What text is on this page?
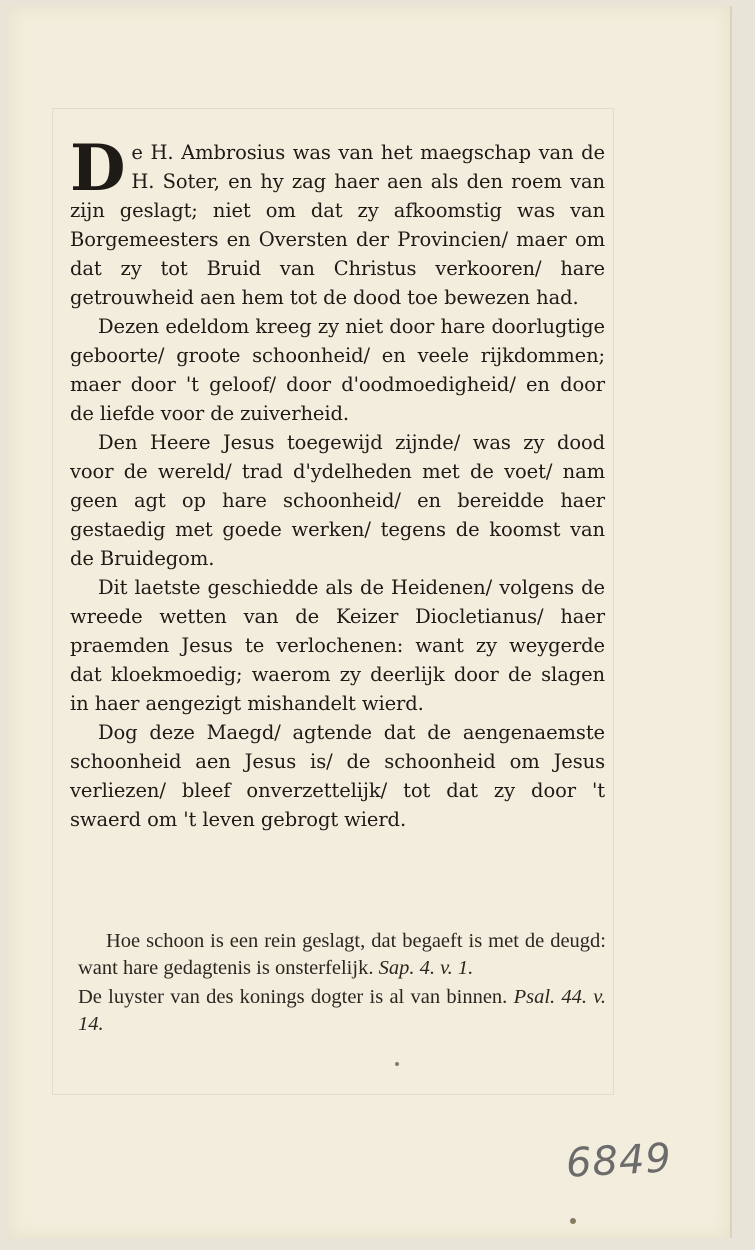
De H. Ambrosius was van het maegschap van de H. Soter, en hy zag haer aen als den roem van zijn geslagt; niet om dat zy afkoomstig was van Borgemeesters en Oversten der Provincien/ maer om dat zy tot Bruid van Christus verkooren/ hare getrouwheid aen hem tot de dood toe bewezen had.

Dezen edeldom kreeg zy niet door hare doorlugtige geboorte/ groote schoonheid/ en veele rijkdommen; maer door 't geloof/ door d'oodmoedigheid/ en door de liefde voor de zuiverheid.

Den Heere Jesus toegewijd zijnde/ was zy dood voor de wereld/ trad d'ydelheden met de voet/ nam geen agt op hare schoonheid/ en bereidde haer gestaedig met goede werken/ tegens de koomst van de Bruidegom.

Dit laetste geschiedde als de Heidenen/ volgens de wreede wetten van de Keizer Diocletianus/ haer praemden Jesus te verlochenen: want zy weygerde dat kloekmoedig; waerom zy deerlijk door de slagen in haer aengezigt mishandelt wierd.

Dog deze Maegd/ agtende dat de aengenaemste schoonheid aen Jesus is/ de schoonheid om Jesus verliezen/ bleef onverzettelijk/ tot dat zy door 't swaerd om 't leven gebrogt wierd.

Hoe schoon is een rein geslagt, dat begaeft is met de deugd: want hare gedagtenis is onsterfelijk. Sap. 4. v. 1.

De luyster van des konings dogter is al van binnen. Psal. 44. v. 14.

6849
